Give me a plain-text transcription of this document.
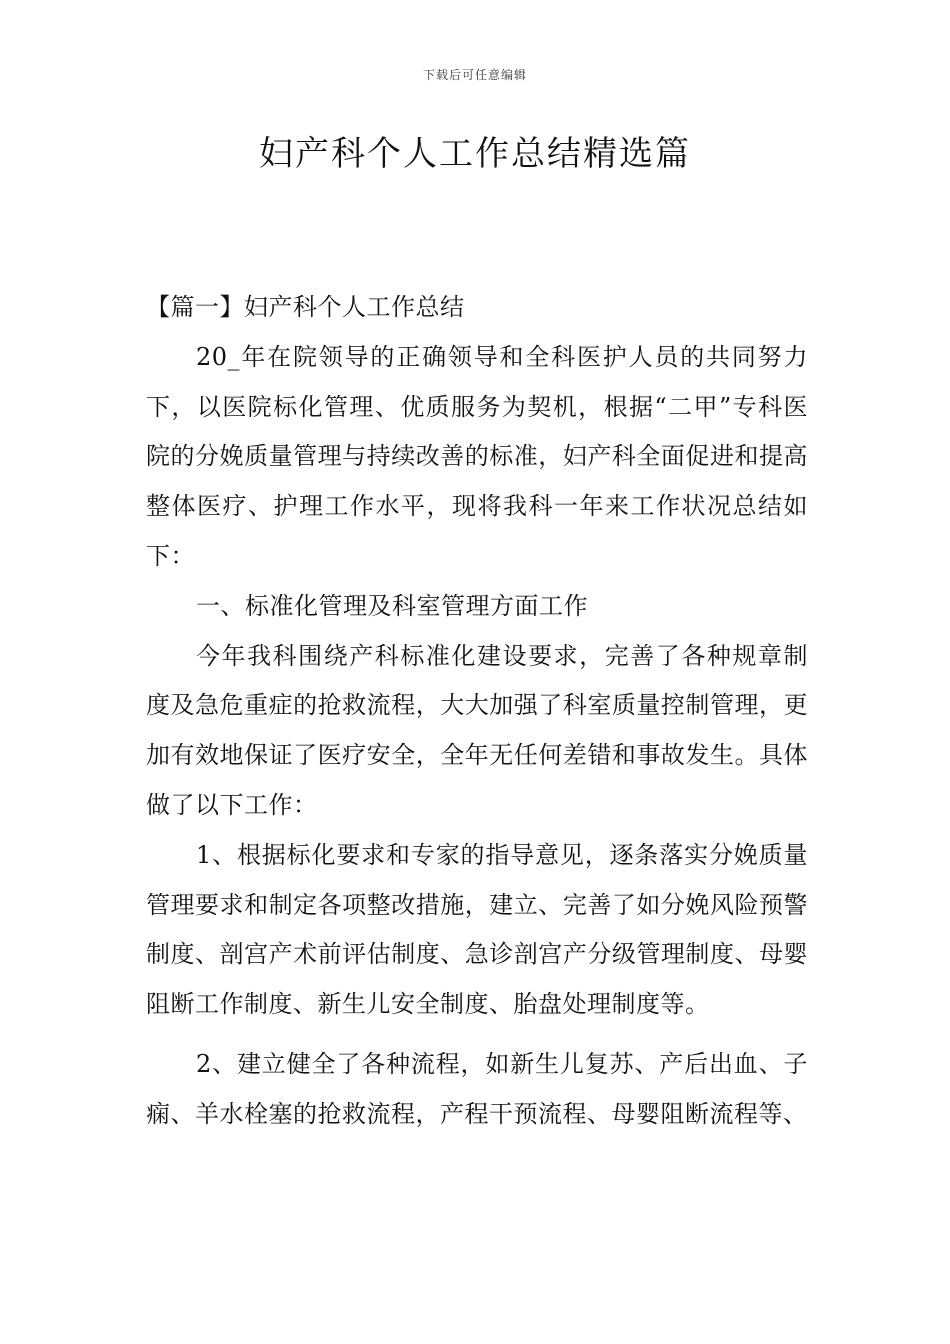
下载后可任意编辑
妇产科个人工作总结精选篇

【篇一】妇产科个人工作总结

20_年在院领导的正确领导和全科医护人员的共同努力下，以医院标化管理、优质服务为契机，根据“二甲”专科医院的分娩质量管理与持续改善的标准，妇产科全面促进和提高整体医疗、护理工作水平，现将我科一年来工作状况总结如下：

一、标准化管理及科室管理方面工作

今年我科围绕产科标准化建设要求，完善了各种规章制度及急危重症的抢救流程，大大加强了科室质量控制管理，更加有效地保证了医疗安全，全年无任何差错和事故发生。具体做了以下工作：

1、根据标化要求和专家的指导意见，逐条落实分娩质量管理要求和制定各项整改措施，建立、完善了如分娩风险预警制度、剖宫产术前评估制度、急诊剖宫产分级管理制度、母婴阻断工作制度、新生儿安全制度、胎盘处理制度等。

2、建立健全了各种流程，如新生儿复苏、产后出血、子痫、羊水栓塞的抢救流程，产程干预流程、母婴阻断流程等、
